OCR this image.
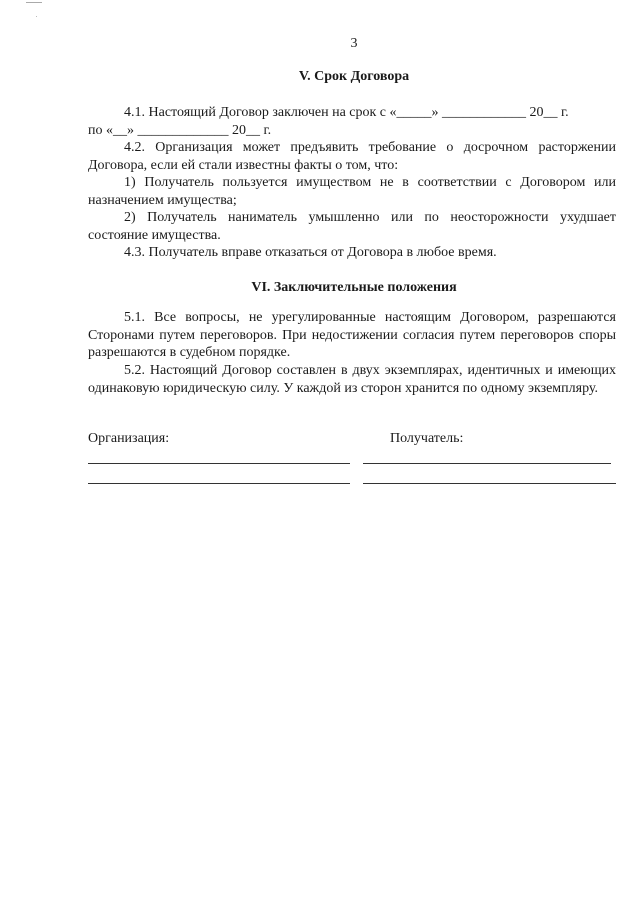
3
V. Срок Договора

4.1. Настоящий Договор заключен на срок с «_____» ____________ 20__ г.

по «__» _____________ 20__ г.

4.2. Организация может предъявить требование о досрочном расторжении Договора, если ей стали известны факты о том, что:

1) Получатель пользуется имуществом не в соответствии с Договором или назначением имущества;

2) Получатель наниматель умышленно или по неосторожности ухудшает состояние имущества.

4.3. Получатель вправе отказаться от Договора в любое время.

VI. Заключительные положения

5.1. Все вопросы, не урегулированные настоящим Договором, разрешаются Сторонами путем переговоров. При недостижении согласия путем переговоров споры разрешаются в судебном порядке.

5.2. Настоящий Договор составлен в двух экземплярах, идентичных и имеющих одинаковую юридическую силу. У каждой из сторон хранится по одному экземпляру.

Организация:	Получатель:
